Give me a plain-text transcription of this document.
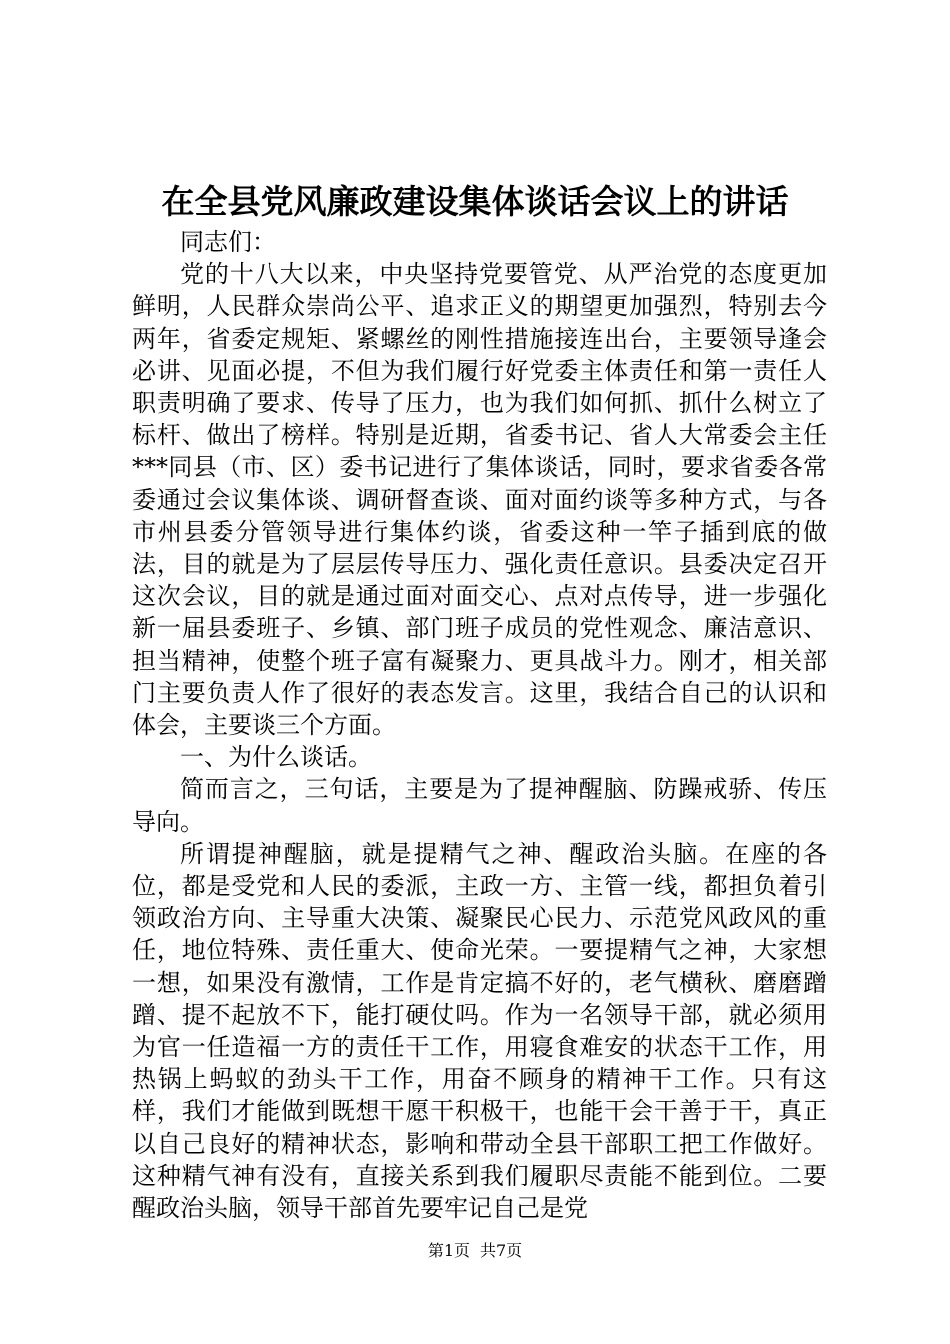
在全县党风廉政建设集体谈话会议上的讲话

同志们：

党的十八大以来，中央坚持党要管党、从严治党的态度更加鲜明，人民群众崇尚公平、追求正义的期望更加强烈，特别去今两年，省委定规矩、紧螺丝的刚性措施接连出台，主要领导逢会必讲、见面必提，不但为我们履行好党委主体责任和第一责任人职责明确了要求、传导了压力，也为我们如何抓、抓什么树立了标杆、做出了榜样。特别是近期，省委书记、省人大常委会主任***同县（市、区）委书记进行了集体谈话，同时，要求省委各常委通过会议集体谈、调研督查谈、面对面约谈等多种方式，与各市州县委分管领导进行集体约谈，省委这种一竿子插到底的做法，目的就是为了层层传导压力、强化责任意识。县委决定召开这次会议，目的就是通过面对面交心、点对点传导，进一步强化新一届县委班子、乡镇、部门班子成员的党性观念、廉洁意识、担当精神，使整个班子富有凝聚力、更具战斗力。刚才，相关部门主要负责人作了很好的表态发言。这里，我结合自己的认识和体会，主要谈三个方面。

一、为什么谈话。

简而言之，三句话，主要是为了提神醒脑、防躁戒骄、传压导向。

所谓提神醒脑，就是提精气之神、醒政治头脑。在座的各位，都是受党和人民的委派，主政一方、主管一线，都担负着引领政治方向、主导重大决策、凝聚民心民力、示范党风政风的重任，地位特殊、责任重大、使命光荣。一要提精气之神，大家想一想，如果没有激情，工作是肯定搞不好的，老气横秋、磨磨蹭蹭、提不起放不下，能打硬仗吗。作为一名领导干部，就必须用为官一任造福一方的责任干工作，用寝食难安的状态干工作，用热锅上蚂蚁的劲头干工作，用奋不顾身的精神干工作。只有这样，我们才能做到既想干愿干积极干，也能干会干善于干，真正以自己良好的精神状态，影响和带动全县干部职工把工作做好。这种精气神有没有，直接关系到我们履职尽责能不能到位。二要醒政治头脑，领导干部首先要牢记自己是党

第1页 共7页
